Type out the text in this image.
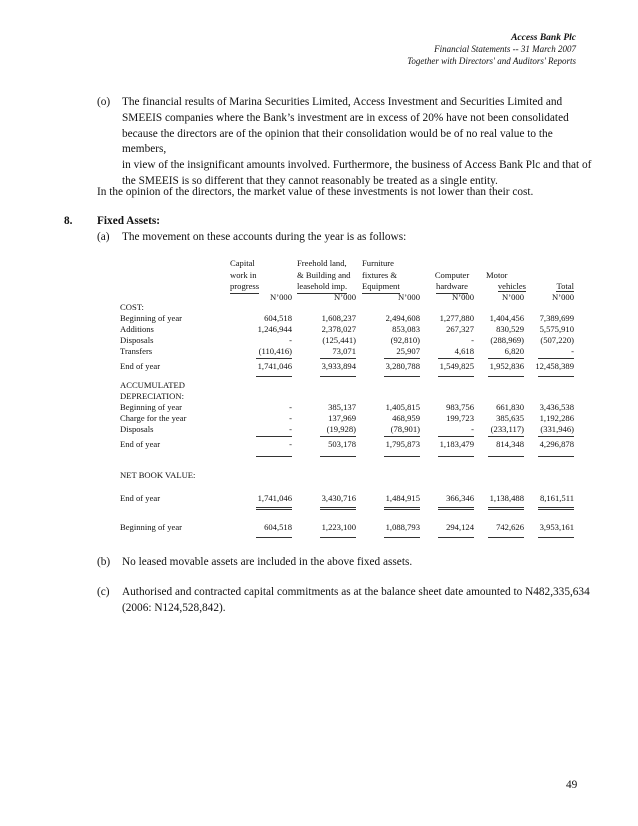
Access Bank Plc
Financial Statements -- 31 March 2007
Together with Directors' and Auditors' Reports
(o) The financial results of Marina Securities Limited, Access Investment and Securities Limited and
SMEEIS companies where the Bank’s investment are in excess of 20% have not been consolidated
because the directors are of the opinion that their consolidation would be of no real value to the members,
in view of the insignificant amounts involved. Furthermore, the business of Access Bank Plc and that of
the SMEEIS is so different that they cannot reasonably be treated as a single entity.
In the opinion of the directors, the market value of these investments is not lower than their cost.
8. Fixed Assets:
(a) The movement on these accounts during the year is as follows:
Capital
work in
progress
Freehold land,
& Building and
leasehold imp.
Furniture
fixtures &
Equipment
Computer
hardware
Motor
vehicles	Total
N’000	N’000	N’000	N’000	N’000	N’000
COST:
Beginning of year	604,518	1,608,237	2,494,608	1,277,880	1,404,456	7,389,699
Additions	1,246,944	2,378,027	853,083	267,327	830,529	5,575,910
Disposals	-	(125,441)	(92,810)	-	(288,969)	(507,220)
Transfers	(110,416)	73,071	25,907	4,618	6,820	-
End of year	1,741,046	3,933,894	3,280,788	1,549,825	1,952,836	12,458,389
ACCUMULATED
DEPRECIATION:
Beginning of year	-	385,137	1,405,815	983,756	661,830	3,436,538
Charge for the year	-	137,969	468,959	199,723	385,635	1,192,286
Disposals	-	(19,928)	(78,901)	-	(233,117)	(331,946)
End of year	-	503,178	1,795,873	1,183,479	814,348	4,296,878
NET BOOK VALUE:
End of year	1,741,046	3,430,716	1,484,915	366,346	1,138,488	8,161,511
Beginning of year	604,518	1,223,100	1,088,793	294,124	742,626	3,953,161
(b) No leased movable assets are included in the above fixed assets.
(c) Authorised and contracted capital commitments as at the balance sheet date amounted to N482,335,634
(2006: N124,528,842).
49
